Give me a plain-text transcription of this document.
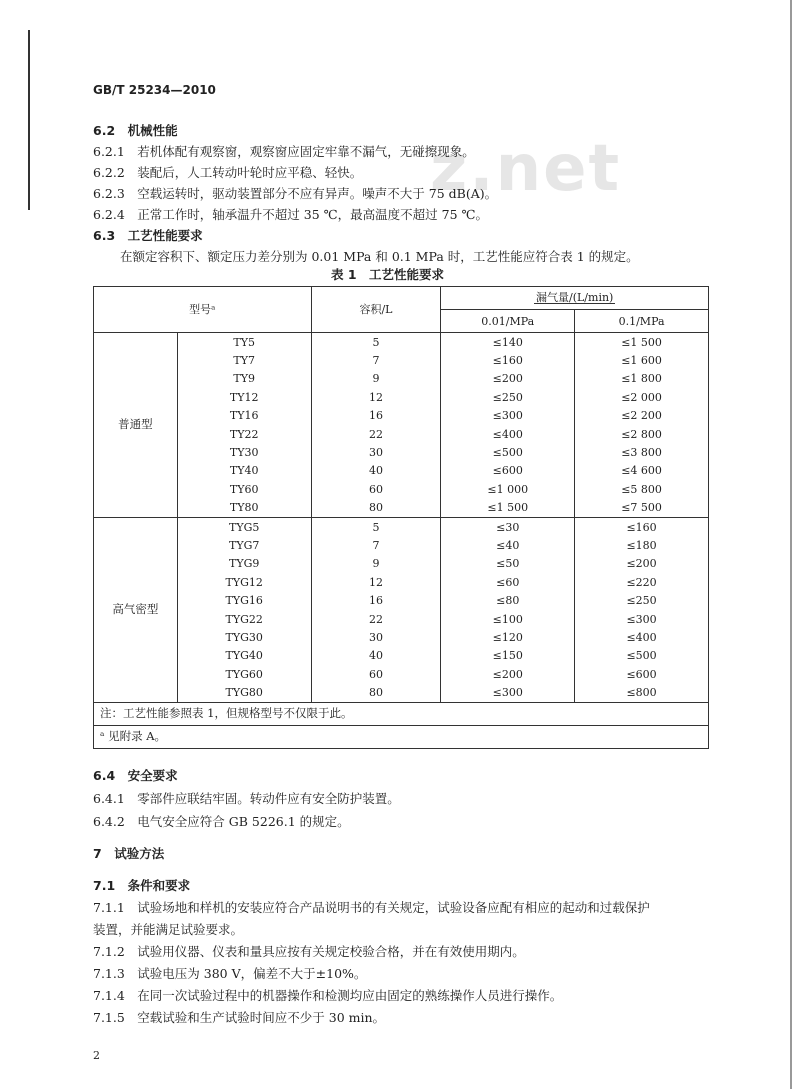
z.net
GB/T 25234—2010
6.2　机械性能
6.2.1　若机体配有观察窗，观察窗应固定牢靠不漏气，无碰擦现象。
6.2.2　装配后，人工转动叶轮时应平稳、轻快。
6.2.3　空载运转时，驱动装置部分不应有异声。噪声不大于 75 dB(A)。
6.2.4　正常工作时，轴承温升不超过 35 ℃，最高温度不超过 75 ℃。
6.3　工艺性能要求
在额定容积下、额定压力差分别为 0.01 MPa 和 0.1 MPa 时，工艺性能应符合表 1 的规定。
表 1　工艺性能要求
型号ᵃ		容积/L	漏气量/(L/min)	
			0.01/MPa	0.1/MPa
普通型	TY5	5	≤140	≤1 500
	TY7	7	≤160	≤1 600
	TY9	9	≤200	≤1 800
	TY12	12	≤250	≤2 000
	TY16	16	≤300	≤2 200
	TY22	22	≤400	≤2 800
	TY30	30	≤500	≤3 800
	TY40	40	≤600	≤4 600
	TY60	60	≤1 000	≤5 800
	TY80	80	≤1 500	≤7 500
高气密型	TYG5	5	≤30	≤160
	TYG7	7	≤40	≤180
	TYG9	9	≤50	≤200
	TYG12	12	≤60	≤220
	TYG16	16	≤80	≤250
	TYG22	22	≤100	≤300
	TYG30	30	≤120	≤400
	TYG40	40	≤150	≤500
	TYG60	60	≤200	≤600
	TYG80	80	≤300	≤800
注：工艺性能参照表 1，但规格型号不仅限于此。				
ᵃ 见附录 A。				
6.4　安全要求
6.4.1　零部件应联结牢固。转动件应有安全防护装置。
6.4.2　电气安全应符合 GB 5226.1 的规定。
7　试验方法
7.1　条件和要求
7.1.1　试验场地和样机的安装应符合产品说明书的有关规定，试验设备应配有相应的起动和过载保护
装置，并能满足试验要求。
7.1.2　试验用仪器、仪表和量具应按有关规定校验合格，并在有效使用期内。
7.1.3　试验电压为 380 V，偏差不大于±10%。
7.1.4　在同一次试验过程中的机器操作和检测均应由固定的熟练操作人员进行操作。
7.1.5　空载试验和生产试验时间应不少于 30 min。
2
